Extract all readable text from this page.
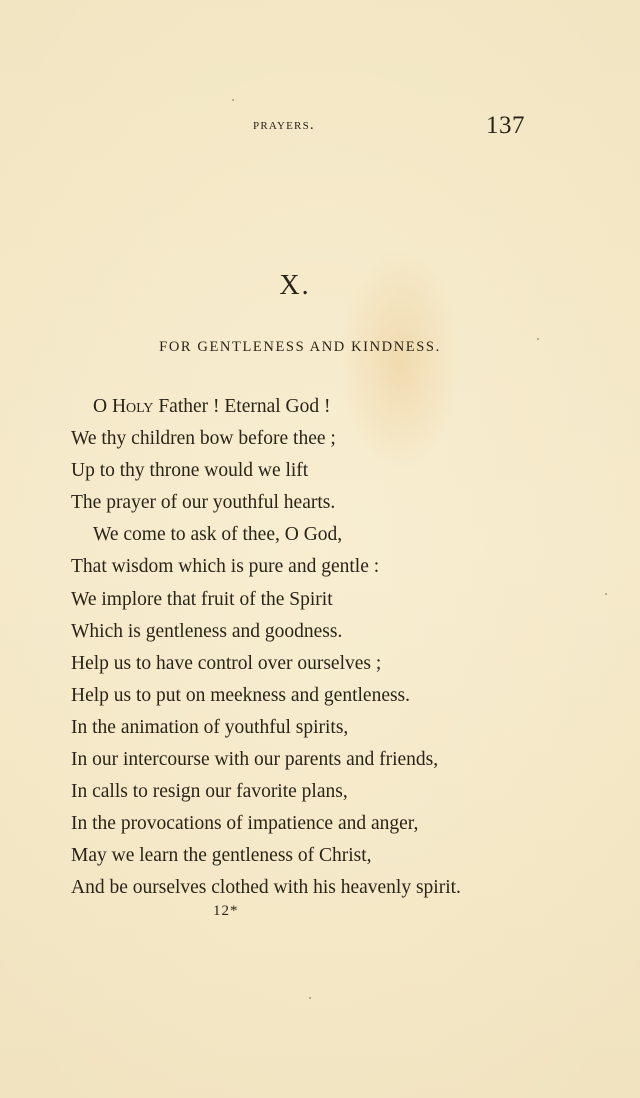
prayers.	137
X.
FOR GENTLENESS AND KINDNESS.
O Holy Father ! Eternal God !
We thy children bow before thee ;
Up to thy throne would we lift
The prayer of our youthful hearts.
We come to ask of thee, O God,
That wisdom which is pure and gentle :
We implore that fruit of the Spirit
Which is gentleness and goodness.
Help us to have control over ourselves ;
Help us to put on meekness and gentleness.
In the animation of youthful spirits,
In our intercourse with our parents and friends,
In calls to resign our favorite plans,
In the provocations of impatience and anger,
May we learn the gentleness of Christ,
And be ourselves clothed with his heavenly spirit.
12*
